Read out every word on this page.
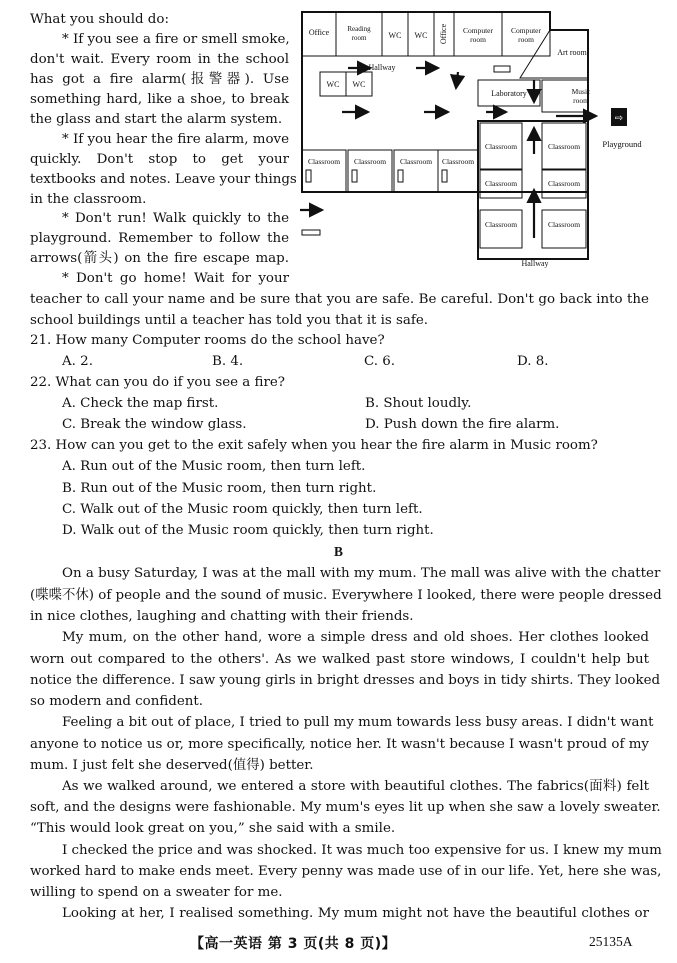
What you should do:
* If you see a fire or smell smoke,
don't wait. Every room in the school
has got a fire alarm(报警器). Use
something hard, like a shoe, to break
the glass and start the alarm system.
* If you hear the fire alarm, move
quickly. Don't stop to get your
textbooks and notes. Leave your things
in the classroom.
* Don't run! Walk quickly to the
playground. Remember to follow the
arrows(箭头) on the fire escape map.
* Don't go home! Wait for your
teacher to call your name and be sure that you are safe. Be careful. Don't go back into the
school buildings until a teacher has told you that it is safe.
Office	Reading
room	WC WC Office Computer
room
Computer
room
Art room
Hallway
WC WC
Laboratory	Music
room
⇨
Playground
Classroom Classroom Classroom Classroom
Classroom
Classroom
Classroom
Classroom
Classroom
Classroom
Hallway
21. How many Computer rooms do the school have?
A. 2.	B. 4.	C. 6.	D. 8.
22. What can you do if you see a fire?
A. Check the map first.	B. Shout loudly.
C. Break the window glass.	D. Push down the fire alarm.
23. How can you get to the exit safely when you hear the fire alarm in Music room?
A. Run out of the Music room, then turn left.
B. Run out of the Music room, then turn right.
C. Walk out of the Music room quickly, then turn left.
D. Walk out of the Music room quickly, then turn right.
B
On a busy Saturday, I was at the mall with my mum. The mall was alive with the chatter
(喋喋不休) of people and the sound of music. Everywhere I looked, there were people dressed
in nice clothes, laughing and chatting with their friends.
My mum, on the other hand, wore a simple dress and old shoes. Her clothes looked
worn out compared to the others'. As we walked past store windows, I couldn't help but
notice the difference. I saw young girls in bright dresses and boys in tidy shirts. They looked
so modern and confident.
Feeling a bit out of place, I tried to pull my mum towards less busy areas. I didn't want
anyone to notice us or, more specifically, notice her. It wasn't because I wasn't proud of my
mum. I just felt she deserved(值得) better.
As we walked around, we entered a store with beautiful clothes. The fabrics(面料) felt
soft, and the designs were fashionable. My mum's eyes lit up when she saw a lovely sweater.
“This would look great on you,” she said with a smile.
I checked the price and was shocked. It was much too expensive for us. I knew my mum
worked hard to make ends meet. Every penny was made use of in our life. Yet, here she was,
willing to spend on a sweater for me.
Looking at her, I realised something. My mum might not have the beautiful clothes or
【高一英语 第 3 页(共 8 页)】	25135A
